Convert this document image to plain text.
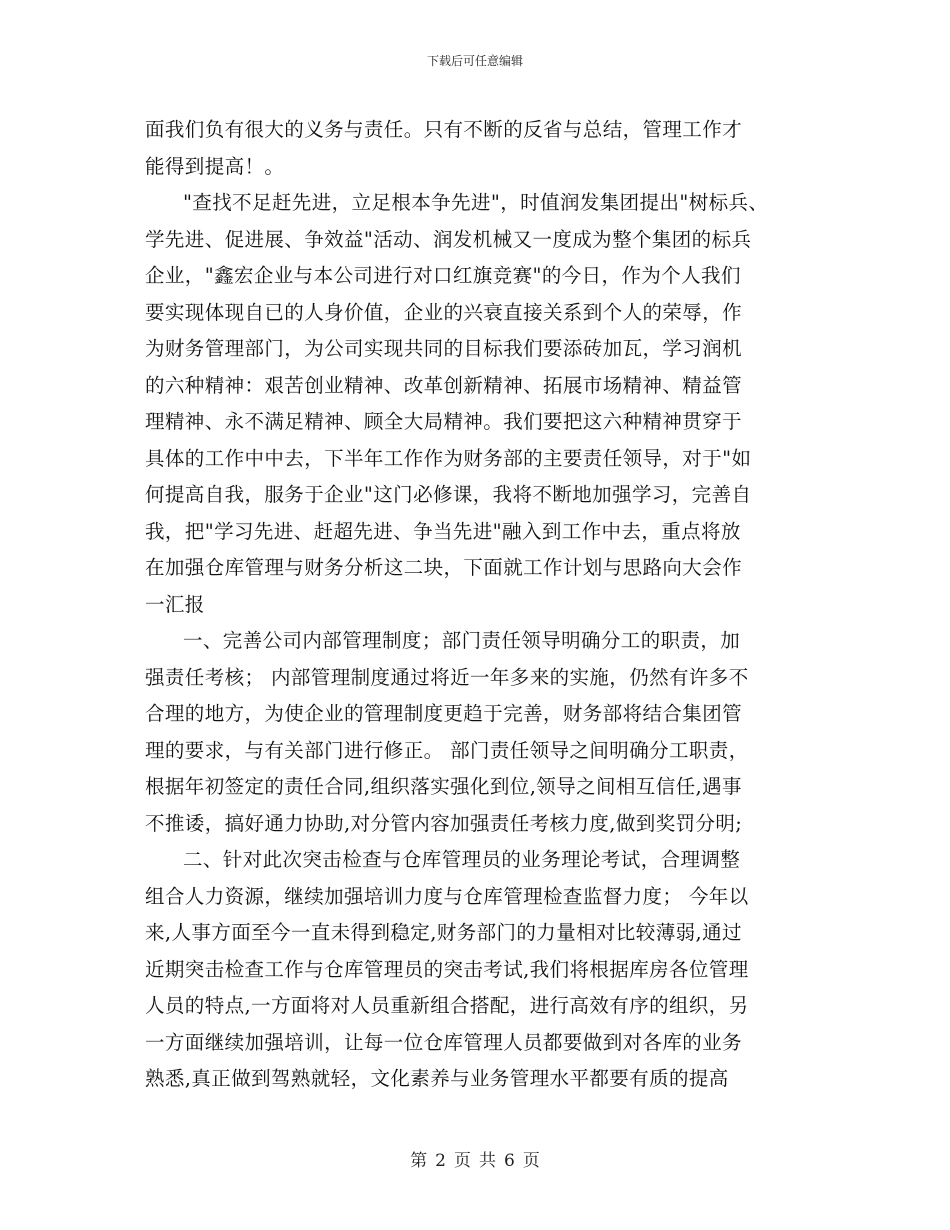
下载后可任意编辑
面我们负有很大的义务与责任。只有不断的反省与总结，管理工作才
能得到提高！。
"查找不足赶先进，立足根本争先进"，时值润发集团提出"树标兵、
学先进、促进展、争效益"活动、润发机械又一度成为整个集团的标兵
企业，"鑫宏企业与本公司进行对口红旗竞赛"的今日，作为个人我们
要实现体现自已的人身价值，企业的兴衰直接关系到个人的荣辱，作
为财务管理部门，为公司实现共同的目标我们要添砖加瓦，学习润机
的六种精神：艰苦创业精神、改革创新精神、拓展市场精神、精益管
理精神、永不满足精神、顾全大局精神。我们要把这六种精神贯穿于
具体的工作中中去，下半年工作作为财务部的主要责任领导，对于"如
何提高自我，服务于企业"这门必修课，我将不断地加强学习，完善自
我，把"学习先进、赶超先进、争当先进"融入到工作中去，重点将放
在加强仓库管理与财务分析这二块，下面就工作计划与思路向大会作
一汇报
一、完善公司内部管理制度；部门责任领导明确分工的职责，加
强责任考核； 内部管理制度通过将近一年多来的实施，仍然有许多不
合理的地方，为使企业的管理制度更趋于完善，财务部将结合集团管
理的要求，与有关部门进行修正。 部门责任领导之间明确分工职责，
根据年初签定的责任合同,组织落实强化到位,领导之间相互信任,遇事
不推诿，搞好通力协助,对分管内容加强责任考核力度,做到奖罚分明;
二、针对此次突击检查与仓库管理员的业务理论考试，合理调整
组合人力资源，继续加强培训力度与仓库管理检查监督力度； 今年以
来,人事方面至今一直未得到稳定,财务部门的力量相对比较薄弱,通过
近期突击检查工作与仓库管理员的突击考试,我们将根据库房各位管理
人员的特点,一方面将对人员重新组合搭配，进行高效有序的组织，另
一方面继续加强培训，让每一位仓库管理人员都要做到对各库的业务
熟悉,真正做到驾熟就轻，文化素养与业务管理水平都要有质的提高
第 2 页 共 6 页
